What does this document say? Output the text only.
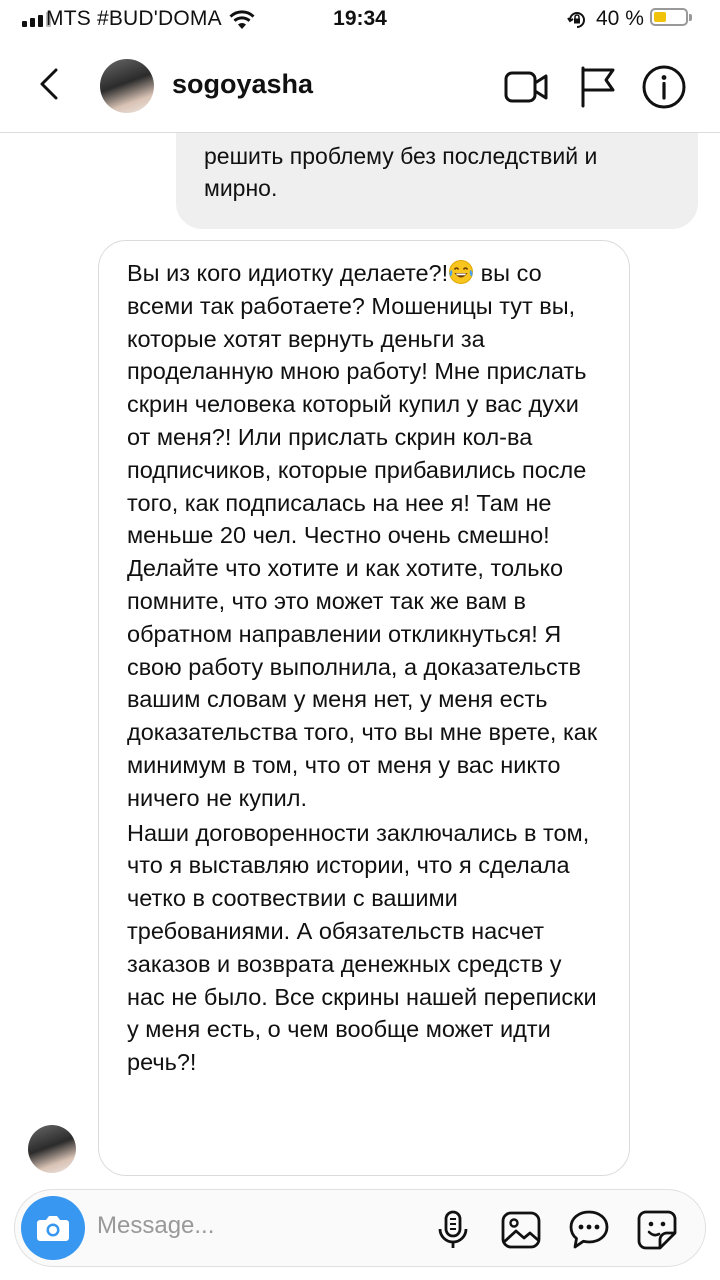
MTS #BUD'DOMA	19:34	40 %
решить проблему без последствий и мирно.

Вы из кого идиотку делаете?! вы со всеми так работаете? Мошеницы тут вы, которые хотят вернуть деньги за проделанную мною работу! Мне прислать скрин человека который купил у вас духи от меня?! Или прислать скрин кол-ва подписчиков, которые прибавились после того, как подписалась на нее я! Там не меньше 20 чел. Честно очень смешно! Делайте что хотите и как хотите, только помните, что это может так же вам в обратном направлении откликнуться! Я свою работу выполнила, а доказательств вашим словам у меня нет, у меня есть доказательства того, что вы мне врете, как минимум в том, что от меня у вас никто ничего не купил.

Наши договоренности заключались в том, что я выставляю истории, что я сделала четко в соотвествии с вашими требованиями. А обязательств насчет заказов и возврата денежных средств у нас не было. Все скрины нашей переписки у меня есть, о чем вообще может идти речь?!

sogoyasha
Message...
